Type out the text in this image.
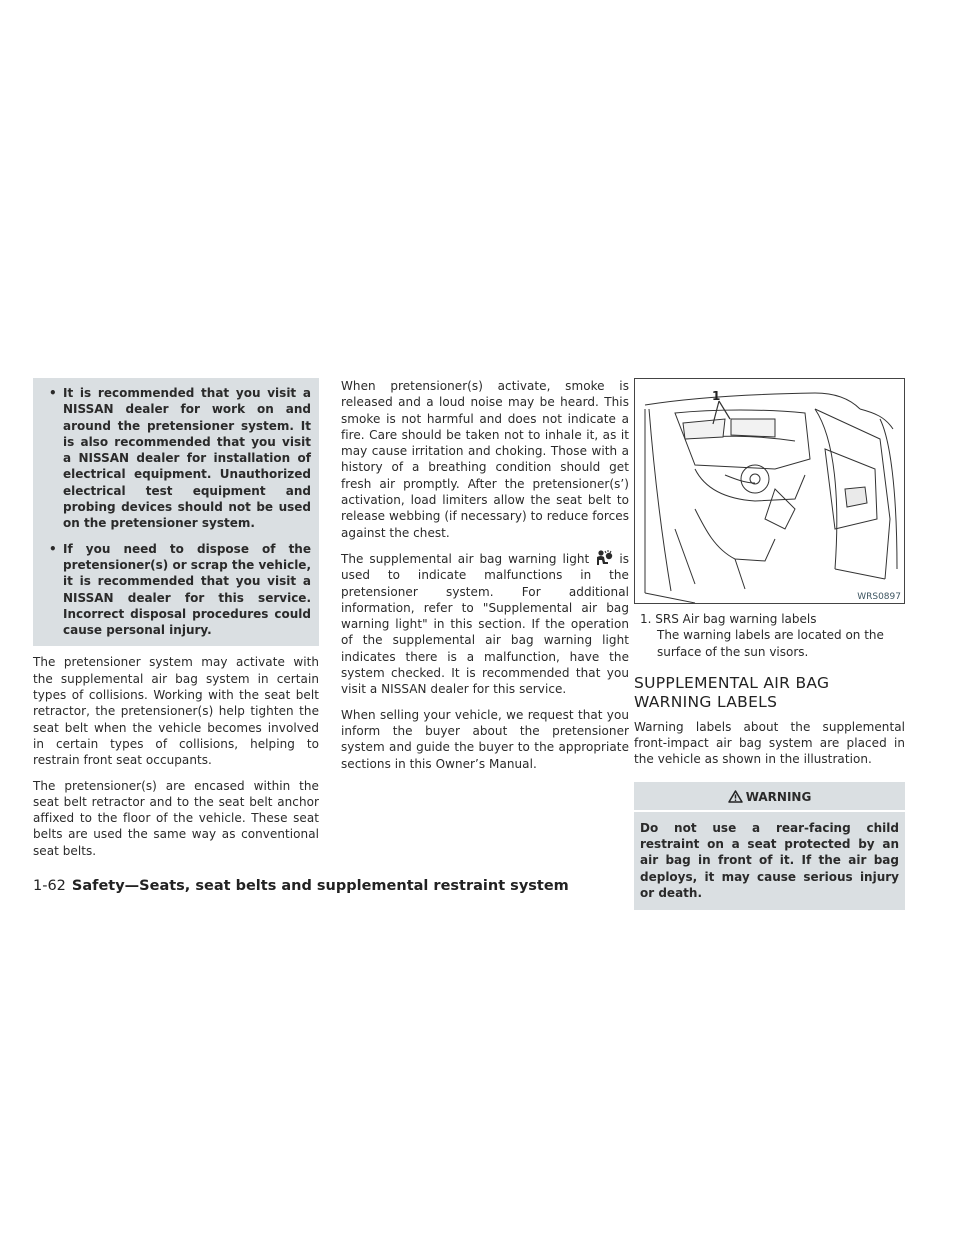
• It is recommended that you visit a NISSAN dealer for work on and around the pretensioner system. It is also recommended that you visit a NISSAN dealer for installation of electrical equipment. Unauthorized electrical test equipment and probing devices should not be used on the pretensioner system.
• If you need to dispose of the pretensioner(s) or scrap the vehicle, it is recommended that you visit a NISSAN dealer for this service. Incorrect disposal procedures could cause personal injury.

The pretensioner system may activate with the supplemental air bag system in certain types of collisions. Working with the seat belt retractor, the pretensioner(s) help tighten the seat belt when the vehicle becomes involved in certain types of collisions, helping to restrain front seat occupants.

The pretensioner(s) are encased within the seat belt retractor and to the seat belt anchor affixed to the floor of the vehicle. These seat belts are used the same way as conventional seat belts.

When pretensioner(s) activate, smoke is released and a loud noise may be heard. This smoke is not harmful and does not indicate a fire. Care should be taken not to inhale it, as it may cause irritation and choking. Those with a history of a breathing condition should get fresh air promptly. After the pretensioner(s’) activation, load limiters allow the seat belt to release webbing (if necessary) to reduce forces against the chest.

The supplemental air bag warning light	is used to indicate malfunctions in the pretensioner system. For additional information, refer to "Supplemental air bag warning light" in this section. If the operation of the supplemental air bag warning light indicates there is a malfunction, have the system checked. It is recommended that you visit a NISSAN dealer for this service.

When selling your vehicle, we request that you inform the buyer about the pretensioner system and guide the buyer to the appropriate sections in this Owner’s Manual.

1
WRS0897
1. SRS Air bag warning labels
The warning labels are located on the surface of the sun visors.
SUPPLEMENTAL AIR BAG WARNING LABELS

Warning labels about the supplemental front-impact air bag system are placed in the vehicle as shown in the illustration.

WARNING
Do not use a rear-facing child restraint on a seat protected by an air bag in front of it. If the air bag deploys, it may cause serious injury or death.
1-62 Safety—Seats, seat belts and supplemental restraint system
